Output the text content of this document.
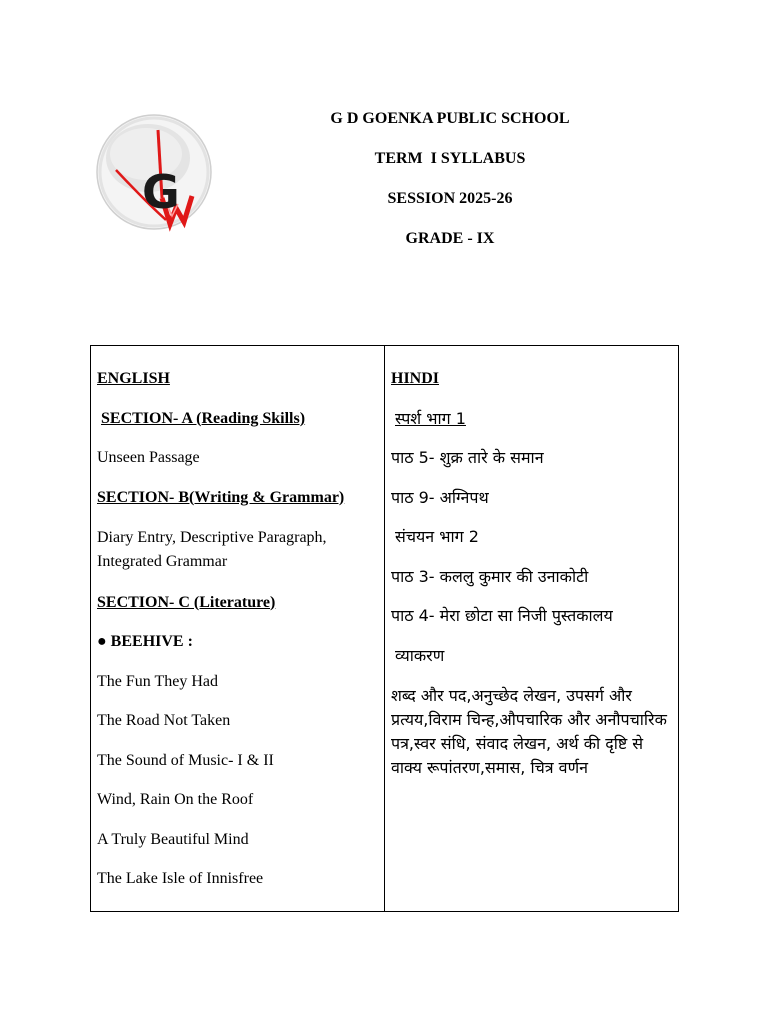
G
G D GOENKA PUBLIC SCHOOL
TERM  I SYLLABUS
SESSION 2025-26
GRADE - IX
ENGLISH
SECTION- A (Reading Skills)
Unseen Passage
SECTION- B(Writing & Grammar)
Diary Entry, Descriptive Paragraph, Integrated Grammar
SECTION- C (Literature)
● BEEHIVE :
The Fun They Had
The Road Not Taken
The Sound of Music- I & II
Wind, Rain On the Roof
A Truly Beautiful Mind
The Lake Isle of Innisfree
HINDI
स्पर्श भाग 1
पाठ 5- शुक्र तारे के समान
पाठ 9- अग्निपथ
संचयन भाग 2
पाठ 3- कललु कुमार की उनाकोटी
पाठ 4- मेरा छोटा सा निजी पुस्तकालय
व्याकरण
शब्द और पद,अनुच्छेद लेखन, उपसर्ग और प्रत्यय,विराम चिन्ह,औपचारिक और अनौपचारिक पत्र,स्वर संधि, संवाद लेखन, अर्थ की दृष्टि से वाक्य रूपांतरण,समास, चित्र वर्णन
